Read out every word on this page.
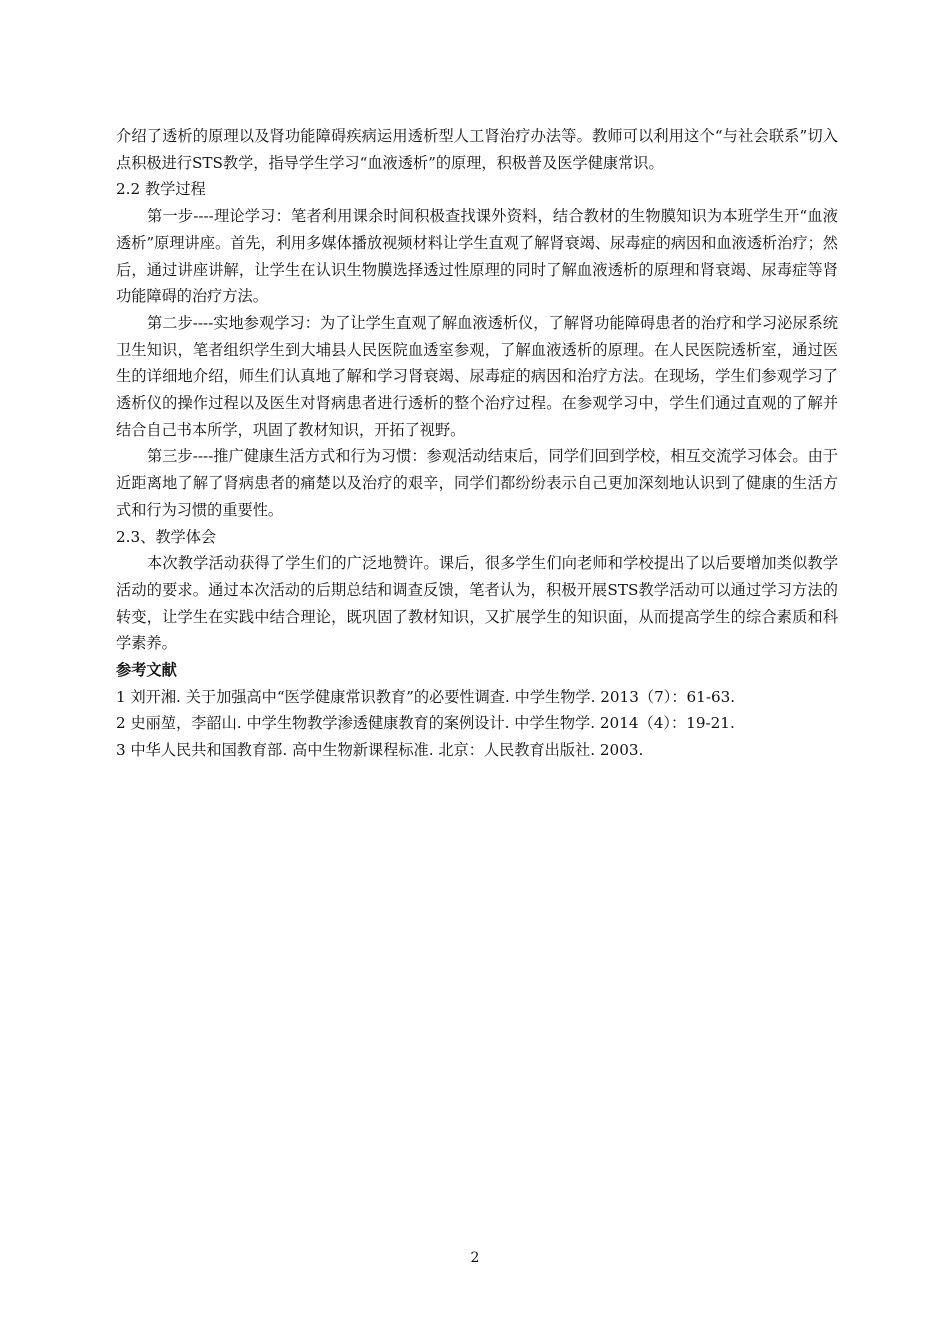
介绍了透析的原理以及肾功能障碍疾病运用透析型人工肾治疗办法等。教师可以利用这个“与社会联系”切入点积极进行STS教学，指导学生学习“血液透析”的原理，积极普及医学健康常识。

2.2 教学过程

第一步----理论学习：笔者利用课余时间积极查找课外资料，结合教材的生物膜知识为本班学生开“血液透析”原理讲座。首先，利用多媒体播放视频材料让学生直观了解肾衰竭、尿毒症的病因和血液透析治疗；然后，通过讲座讲解，让学生在认识生物膜选择透过性原理的同时了解血液透析的原理和肾衰竭、尿毒症等肾功能障碍的治疗方法。

第二步----实地参观学习：为了让学生直观了解血液透析仪，了解肾功能障碍患者的治疗和学习泌尿系统卫生知识，笔者组织学生到大埔县人民医院血透室参观，了解血液透析的原理。在人民医院透析室，通过医生的详细地介绍，师生们认真地了解和学习肾衰竭、尿毒症的病因和治疗方法。在现场，学生们参观学习了透析仪的操作过程以及医生对肾病患者进行透析的整个治疗过程。在参观学习中，学生们通过直观的了解并结合自己书本所学，巩固了教材知识，开拓了视野。

第三步----推广健康生活方式和行为习惯：参观活动结束后，同学们回到学校，相互交流学习体会。由于近距离地了解了肾病患者的痛楚以及治疗的艰辛，同学们都纷纷表示自己更加深刻地认识到了健康的生活方式和行为习惯的重要性。

2.3、教学体会

本次教学活动获得了学生们的广泛地赞许。课后，很多学生们向老师和学校提出了以后要增加类似教学活动的要求。通过本次活动的后期总结和调查反馈，笔者认为，积极开展STS教学活动可以通过学习方法的转变，让学生在实践中结合理论，既巩固了教材知识，又扩展学生的知识面，从而提高学生的综合素质和科学素养。

参考文献

1 刘开湘. 关于加强高中“医学健康常识教育”的必要性调查. 中学生物学. 2013（7）：61-63.

2 史丽堃，李韶山. 中学生物教学渗透健康教育的案例设计. 中学生物学. 2014（4）：19-21.

3 中华人民共和国教育部. 高中生物新课程标准. 北京：人民教育出版社. 2003.

2
